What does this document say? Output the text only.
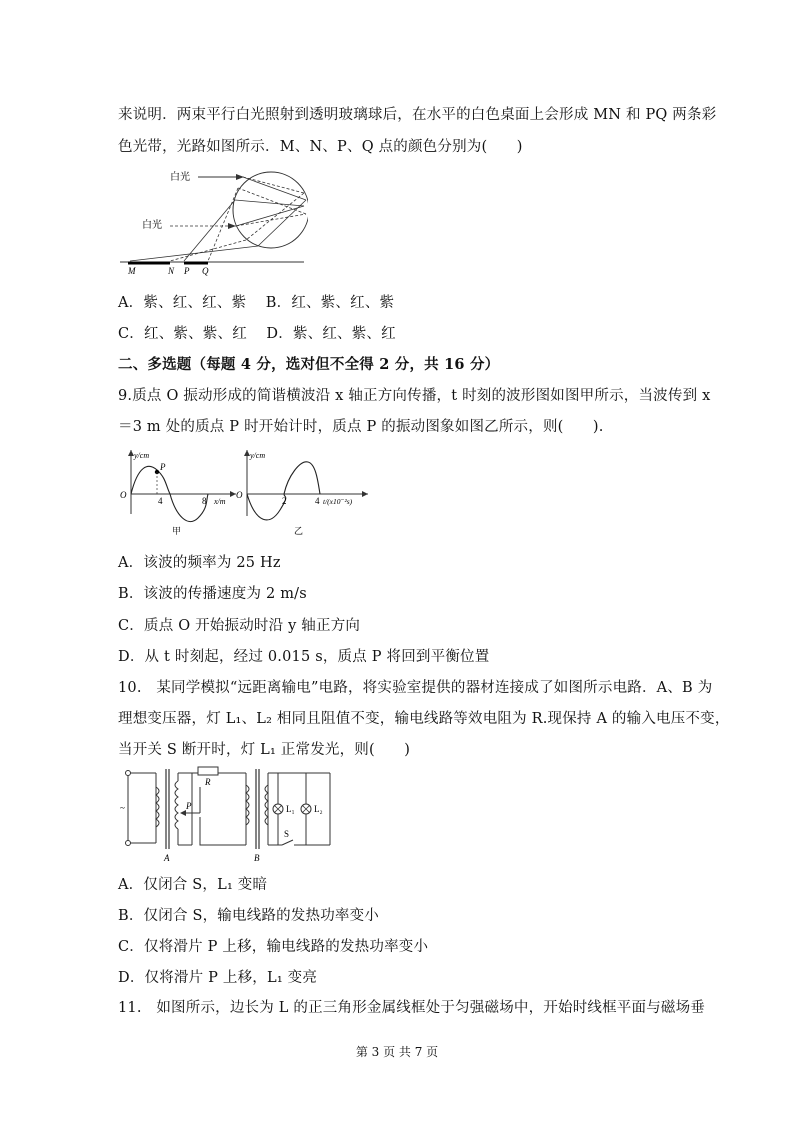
来说明．两束平行白光照射到透明玻璃球后，在水平的白色桌面上会形成 MN 和 PQ 两条彩
色光带，光路如图所示．M、N、P、Q 点的颜色分别为(　　)
白光
白光
M	N P Q
A．紫、红、红、紫　 B．红、紫、红、紫
C．红、紫、紫、红　 D．紫、红、紫、红
二、多选题（每题 4 分，选对但不全得 2 分，共 16 分）
9.质点 O 振动形成的简谐横波沿 x 轴正方向传播，t 时刻的波形图如图甲所示，当波传到 x
＝3 m 处的质点 P 时开始计时，质点 P 的振动图象如图乙所示，则(　　).
y/cm
O
4	8 x/m
P
甲
y/cm
2	4 t/(x10⁻²s)
乙
O
A．该波的频率为 25 Hz
B．该波的传播速度为 2 m/s
C．质点 O 开始振动时沿 y 轴正方向
D．从 t 时刻起，经过 0.015 s，质点 P 将回到平衡位置
10.　某同学模拟“远距离输电”电路，将实验室提供的器材连接成了如图所示电路．A、B 为
理想变压器，灯 L₁、L₂ 相同且阻值不变，输电线路等效电阻为 R.现保持 A 的输入电压不变，
当开关 S 断开时，灯 L₁ 正常发光，则(　　)
~	P
R
L₁ L₂
S
A	B
A．仅闭合 S，L₁ 变暗
B．仅闭合 S，输电线路的发热功率变小
C．仅将滑片 P 上移，输电线路的发热功率变小
D．仅将滑片 P 上移，L₁ 变亮
11.　如图所示，边长为 L 的正三角形金属线框处于匀强磁场中，开始时线框平面与磁场垂
第 3 页 共 7 页
